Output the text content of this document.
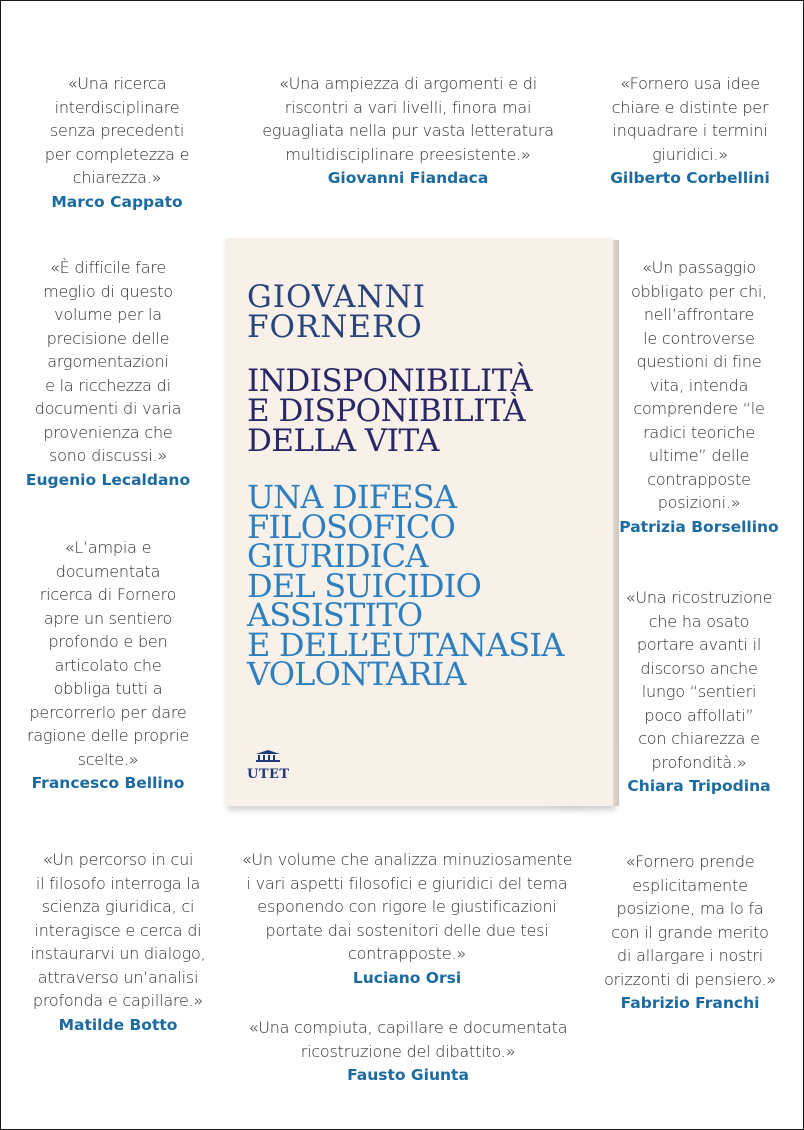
«Una ricerca
interdisciplinare
senza precedenti
per completezza e
chiarezza.»

Marco Cappato

«Una ampiezza di argomenti e di
riscontri a vari livelli, finora mai
eguagliata nella pur vasta letteratura
multidisciplinare preesistente.»

Giovanni Fiandaca

«Fornero usa idee
chiare e distinte per
inquadrare i termini
giuridici.»

Gilberto Corbellini

«È difficile fare
meglio di questo
volume per la
precisione delle
argomentazioni
e la ricchezza di
documenti di varia
provenienza che
sono discussi.»

Eugenio Lecaldano

«Un passaggio
obbligato per chi,
nell’affrontare
le controverse
questioni di fine
vita, intenda
comprendere “le
radici teoriche
ultime” delle
contrapposte
posizioni.»

Patrizia Borsellino

«L’ampia e
documentata
ricerca di Fornero
apre un sentiero
profondo e ben
articolato che
obbliga tutti a
percorrerlo per dare
ragione delle proprie
scelte.»

Francesco Bellino

«Una ricostruzione
che ha osato
portare avanti il
discorso anche
lungo “sentieri
poco affollati”
con chiarezza e
profondità.»

Chiara Tripodina

«Un percorso in cui
il filosofo interroga la
scienza giuridica, ci
interagisce e cerca di
instaurarvi un dialogo,
attraverso un’analisi
profonda e capillare.»

Matilde Botto

«Un volume che analizza minuziosamente
i vari aspetti filosofici e giuridici del tema
esponendo con rigore le giustificazioni
portate dai sostenitori delle due tesi
contrapposte.»

Luciano Orsi

«Fornero prende
esplicitamente
posizione, ma lo fa
con il grande merito
di allargare i nostri
orizzonti di pensiero.»

Fabrizio Franchi

«Una compiuta, capillare e documentata
ricostruzione del dibattito.»

Fausto Giunta

GIOVANNI
FORNERO

INDISPONIBILITÀ
E DISPONIBILITÀ
DELLA VITA

UNA DIFESA
FILOSOFICO
GIURIDICA
DEL SUICIDIO
ASSISTITO
E DELL’EUTANASIA
VOLONTARIA

UTET
